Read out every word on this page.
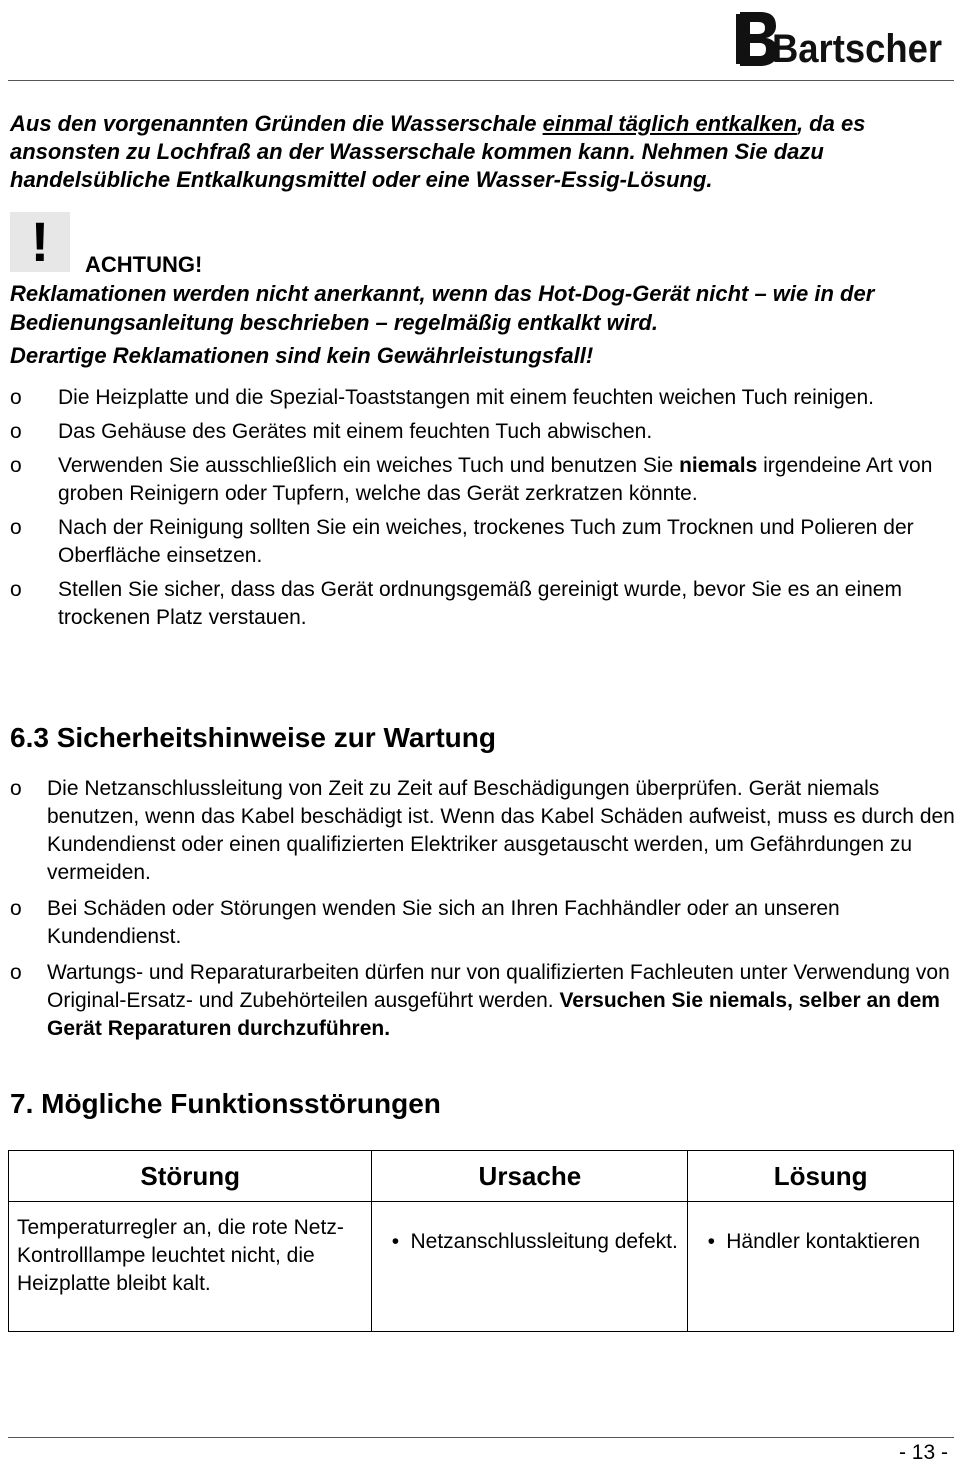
Bartscher
Aus den vorgenannten Gründen die Wasserschale einmal täglich entkalken, da es ansonsten zu Lochfraß an der Wasserschale kommen kann. Nehmen Sie dazu handelsübliche Entkalkungsmittel oder eine Wasser-Essig-Lösung.
!	ACHTUNG!
Reklamationen werden nicht anerkannt, wenn das Hot-Dog-Gerät nicht – wie in der Bedienungsanleitung beschrieben – regelmäßig entkalkt wird.
Derartige Reklamationen sind kein Gewährleistungsfall!
o	Die Heizplatte und die Spezial-Toaststangen mit einem feuchten weichen Tuch reinigen.
o	Das Gehäuse des Gerätes mit einem feuchten Tuch abwischen.
o	Verwenden Sie ausschließlich ein weiches Tuch und benutzen Sie niemals irgendeine Art von groben Reinigern oder Tupfern, welche das Gerät zerkratzen könnte.
o	Nach der Reinigung sollten Sie ein weiches, trockenes Tuch zum Trocknen und Polieren der Oberfläche einsetzen.
o	Stellen Sie sicher, dass das Gerät ordnungsgemäß gereinigt wurde, bevor Sie es an einem trockenen Platz verstauen.
6.3 Sicherheitshinweise zur Wartung
o	Die Netzanschlussleitung von Zeit zu Zeit auf Beschädigungen überprüfen. Gerät niemals benutzen, wenn das Kabel beschädigt ist. Wenn das Kabel Schäden aufweist, muss es durch den Kundendienst oder einen qualifizierten Elektriker ausgetauscht werden, um Gefährdungen zu vermeiden.
o	Bei Schäden oder Störungen wenden Sie sich an Ihren Fachhändler oder an unseren Kundendienst.
o	Wartungs- und Reparaturarbeiten dürfen nur von qualifizierten Fachleuten unter Verwendung von Original-Ersatz- und Zubehörteilen ausgeführt werden. Versuchen Sie niemals, selber an dem Gerät Reparaturen durchzuführen.
7. Mögliche Funktionsstörungen
Störung	Ursache	Lösung
Temperaturregler an, die rote Netz-Kontrolllampe leuchtet nicht, die Heizplatte bleibt kalt.	• Netzanschlussleitung defekt.	• Händler kontaktieren
- 13 -
